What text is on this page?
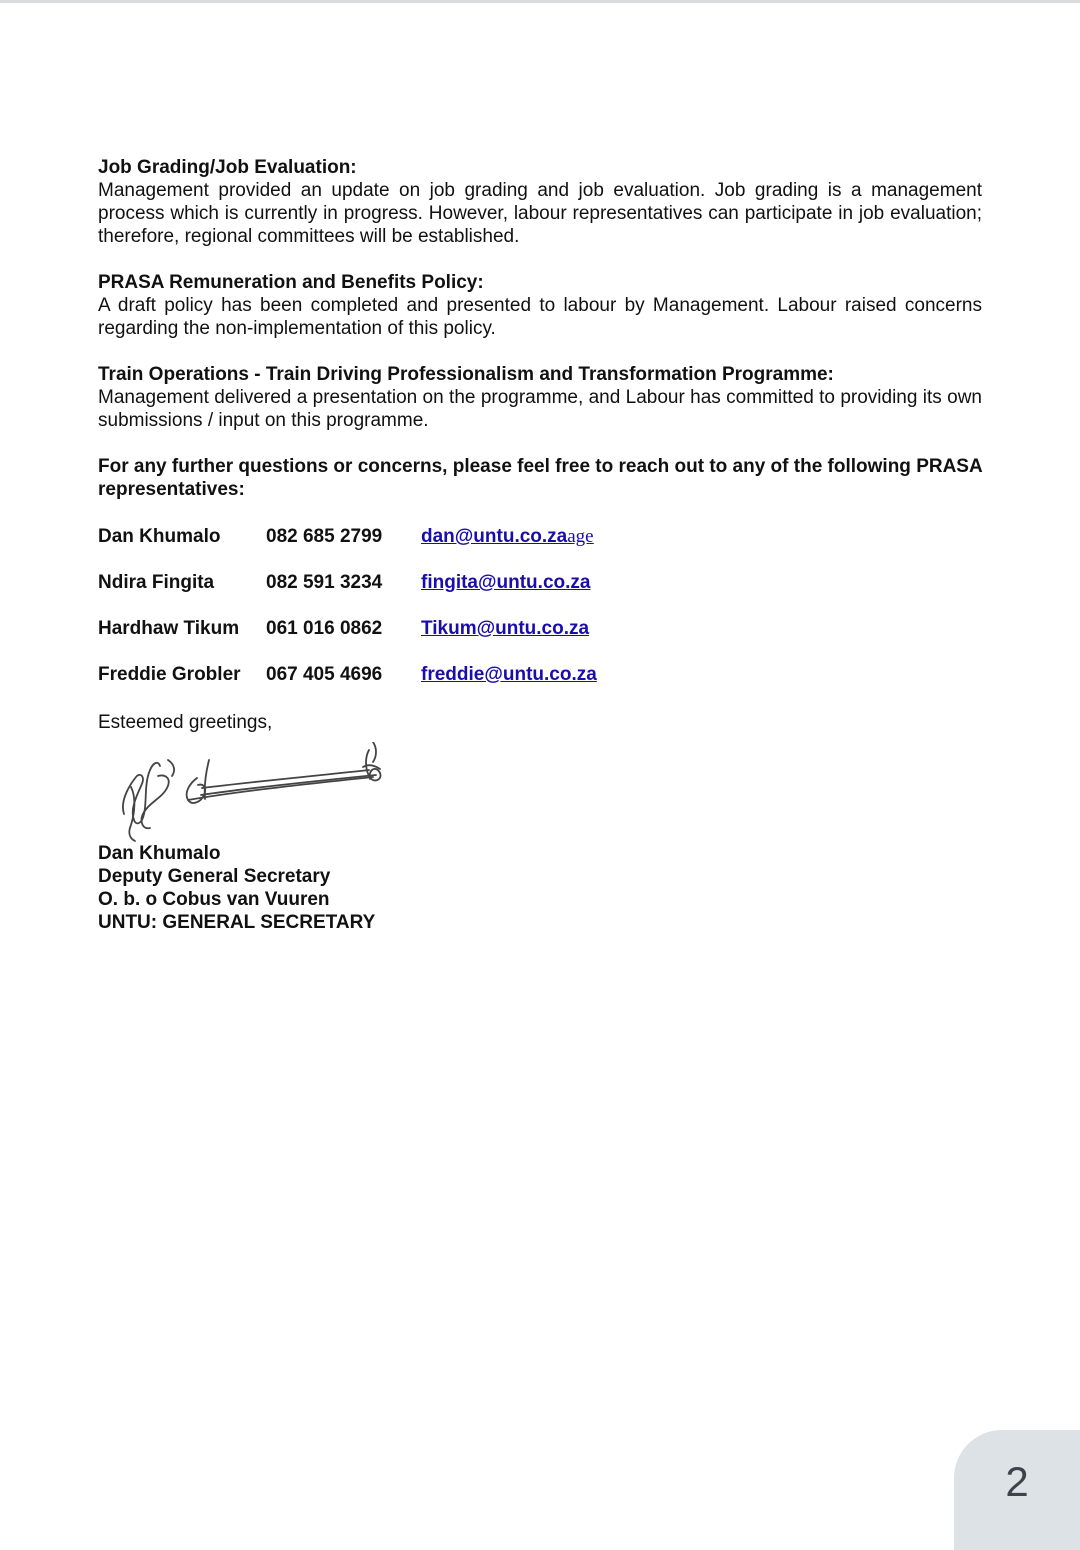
Job Grading/Job Evaluation:

Management provided an update on job grading and job evaluation. Job grading is a management process which is currently in progress. However, labour representatives can participate in job evaluation; therefore, regional committees will be established.

PRASA Remuneration and Benefits Policy:

A draft policy has been completed and presented to labour by Management. Labour raised concerns regarding the non-implementation of this policy.

Train Operations - Train Driving Professionalism and Transformation Programme:

Management delivered a presentation on the programme, and Labour has committed to providing its own submissions / input on this programme.

For any further questions or concerns, please feel free to reach out to any of the following PRASA representatives:

Dan Khumalo	082 685 2799	dan@untu.co.zaage
Ndira Fingita	082 591 3234	fingita@untu.co.za
Hardhaw Tikum	061 016 0862	Tikum@untu.co.za
Freddie Grobler	067 405 4696	freddie@untu.co.za

Esteemed greetings,

Dan Khumalo
Deputy General Secretary
O. b. o Cobus van Vuuren
UNTU: GENERAL SECRETARY
2
